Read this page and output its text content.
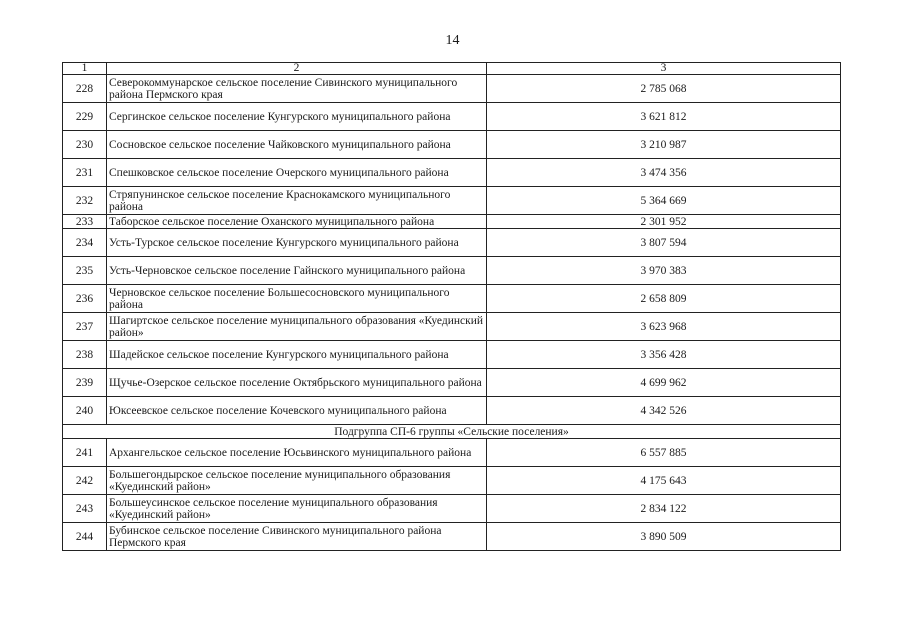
14
1	2	3
228	Северокоммунарское сельское поселение Сивинского муниципального района Пермского края	2 785 068
229	Сергинское сельское поселение Кунгурского муниципального района	3 621 812
230	Сосновское сельское поселение Чайковского муниципального района	3 210 987
231	Спешковское сельское поселение Очерского муниципального района	3 474 356
232	Стряпунинское сельское поселение Краснокамского муниципального района	5 364 669
233	Таборское сельское поселение Оханского муниципального района	2 301 952
234	Усть-Турское сельское поселение Кунгурского муниципального района	3 807 594
235	Усть-Черновское сельское поселение Гайнского муниципального района	3 970 383
236	Черновское сельское поселение Большесосновского муниципального района	2 658 809
237	Шагиртское сельское поселение муниципального образования «Куединский район»	3 623 968
238	Шадейское сельское поселение Кунгурского муниципального района	3 356 428
239	Щучье-Озерское сельское поселение Октябрьского муниципального района	4 699 962
240	Юксеевское сельское поселение Кочевского муниципального района	4 342 526
Подгруппа СП-6 группы «Сельские поселения»		
241	Архангельское сельское поселение Юсьвинского муниципального района	6 557 885
242	Большегондырское сельское поселение муниципального образования «Куединский район»	4 175 643
243	Большеусинское сельское поселение муниципального образования «Куединский район»	2 834 122
244	Бубинское сельское поселение Сивинского муниципального района Пермского края	3 890 509
